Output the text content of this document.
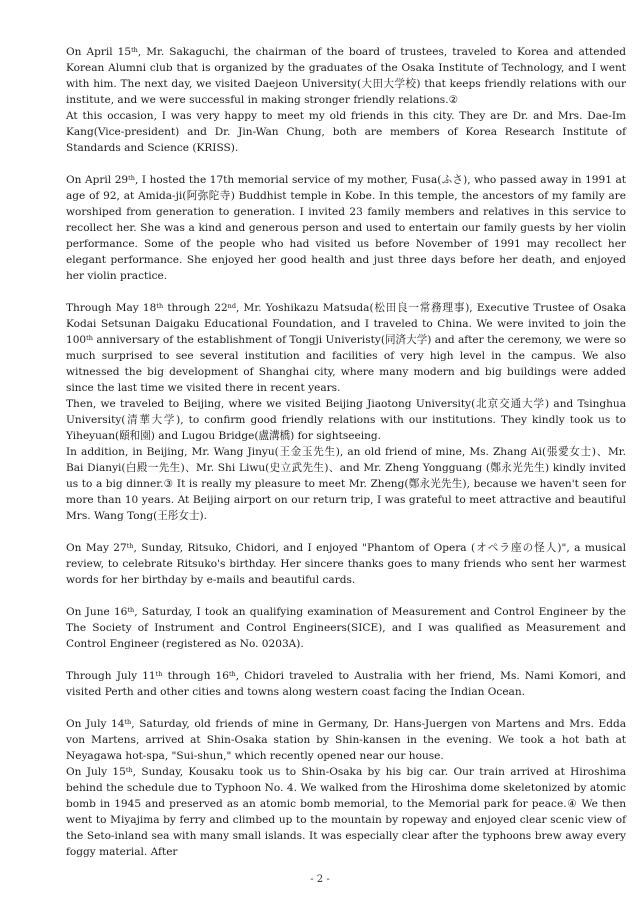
On April 15th, Mr. Sakaguchi, the chairman of the board of trustees, traveled to Korea and attended Korean Alumni club that is organized by the graduates of the Osaka Institute of Technology, and I went with him. The next day, we visited Daejeon University(大田大学校) that keeps friendly relations with our institute, and we were successful in making stronger friendly relations.②
At this occasion, I was very happy to meet my old friends in this city. They are Dr. and Mrs. Dae-Im Kang(Vice-president) and Dr. Jin-Wan Chung, both are members of Korea Research Institute of Standards and Science (KRISS).
On April 29th, I hosted the 17th memorial service of my mother, Fusa(ふさ), who passed away in 1991 at age of 92, at Amida-ji(阿弥陀寺) Buddhist temple in Kobe. In this temple, the ancestors of my family are worshiped from generation to generation. I invited 23 family members and relatives in this service to recollect her. She was a kind and generous person and used to entertain our family guests by her violin performance. Some of the people who had visited us before November of 1991 may recollect her elegant performance. She enjoyed her good health and just three days before her death, and enjoyed her violin practice.
Through May 18th through 22nd, Mr. Yoshikazu Matsuda(松田良一常務理事), Executive Trustee of Osaka Kodai Setsunan Daigaku Educational Foundation, and I traveled to China. We were invited to join the 100th anniversary of the establishment of Tongji Univeristy(同済大学) and after the ceremony, we were so much surprised to see several institution and facilities of very high level in the campus. We also witnessed the big development of Shanghai city, where many modern and big buildings were added since the last time we visited there in recent years.
Then, we traveled to Beijing, where we visited Beijing Jiaotong University(北京交通大学) and Tsinghua University(清華大学), to confirm good friendly relations with our institutions. They kindly took us to Yiheyuan(頤和園) and Lugou Bridge(盧溝橋) for sightseeing.
In addition, in Beijing, Mr. Wang Jinyu(王金玉先生), an old friend of mine, Ms. Zhang Ai(張愛女士)、Mr. Bai Dianyi(白殿一先生)、Mr. Shi Liwu(史立武先生)、and Mr. Zheng Yongguang (鄭永光先生) kindly invited us to a big dinner.③ It is really my pleasure to meet Mr. Zheng(鄭永光先生), because we haven't seen for more than 10 years. At Beijing airport on our return trip, I was grateful to meet attractive and beautiful Mrs. Wang Tong(王彤女士).
On May 27th, Sunday, Ritsuko, Chidori, and I enjoyed "Phantom of Opera (オペラ座の怪人)", a musical review, to celebrate Ritsuko's birthday. Her sincere thanks goes to many friends who sent her warmest words for her birthday by e-mails and beautiful cards.
On June 16th, Saturday, I took an qualifying examination of Measurement and Control Engineer by the The Society of Instrument and Control Engineers(SICE), and I was qualified as Measurement and Control Engineer (registered as No. 0203A).
Through July 11th through 16th, Chidori traveled to Australia with her friend, Ms. Nami Komori, and visited Perth and other cities and towns along western coast facing the Indian Ocean.
On July 14th, Saturday, old friends of mine in Germany, Dr. Hans-Juergen von Martens and Mrs. Edda von Martens, arrived at Shin-Osaka station by Shin-kansen in the evening. We took a hot bath at Neyagawa hot-spa, "Sui-shun," which recently opened near our house.
On July 15th, Sunday, Kousaku took us to Shin-Osaka by his big car. Our train arrived at Hiroshima behind the schedule due to Typhoon No. 4. We walked from the Hiroshima dome skeletonized by atomic bomb in 1945 and preserved as an atomic bomb memorial, to the Memorial park for peace.④ We then went to Miyajima by ferry and climbed up to the mountain by ropeway and enjoyed clear scenic view of the Seto-inland sea with many small islands. It was especially clear after the typhoons brew away every foggy material. After
- 2 -
